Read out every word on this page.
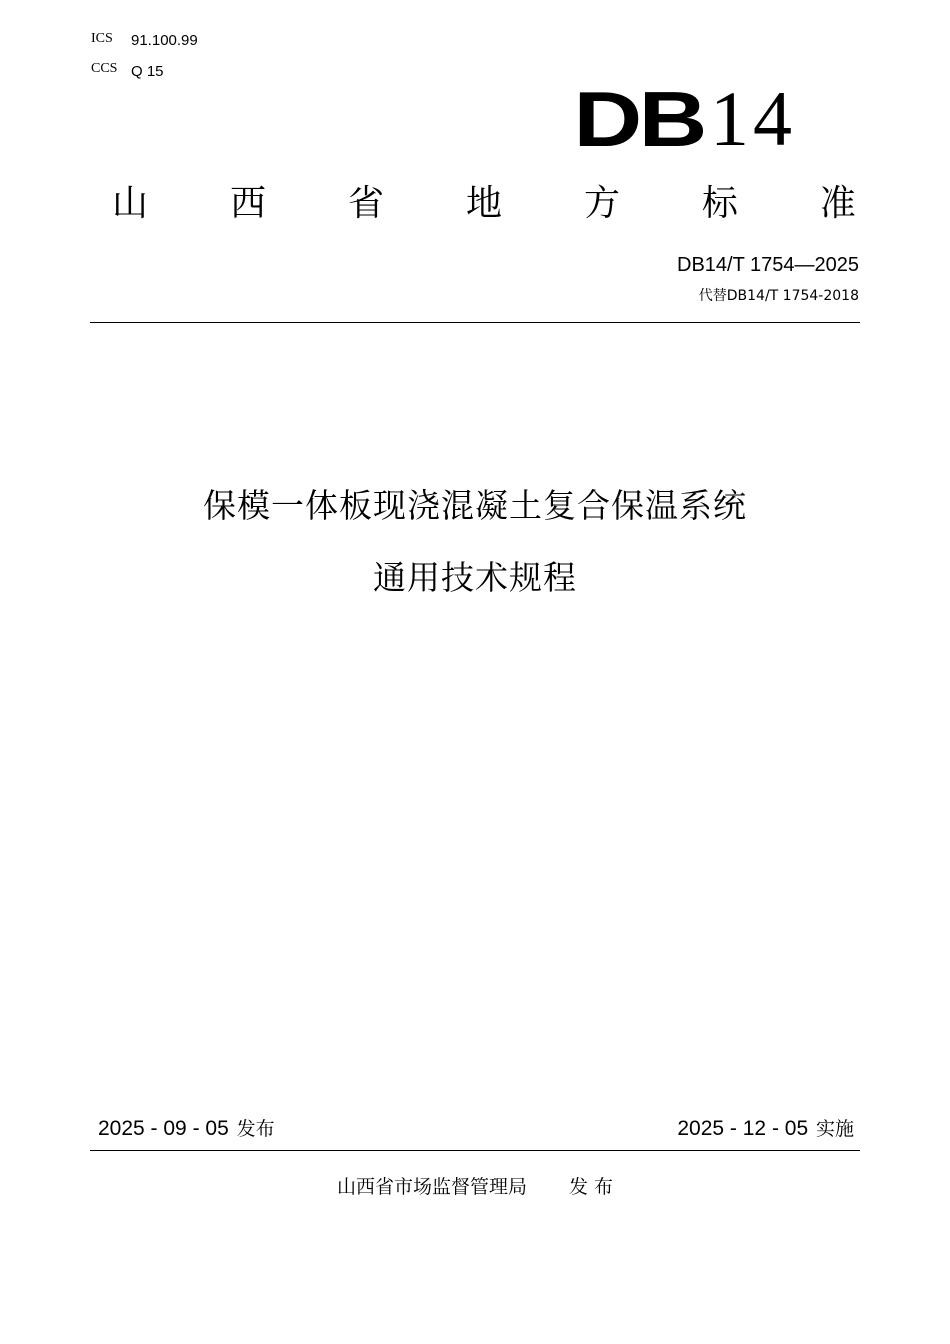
ICS 91.100.99
CCS Q 15
DB 14
山 西 省 地 方 标 准
DB14/T 1754—2025
代替DB14/T 1754-2018
保模一体板现浇混凝土复合保温系统
通用技术规程
2025 - 09 - 05 发布	2025 - 12 - 05 实施
山西省市场监督管理局 发 布
